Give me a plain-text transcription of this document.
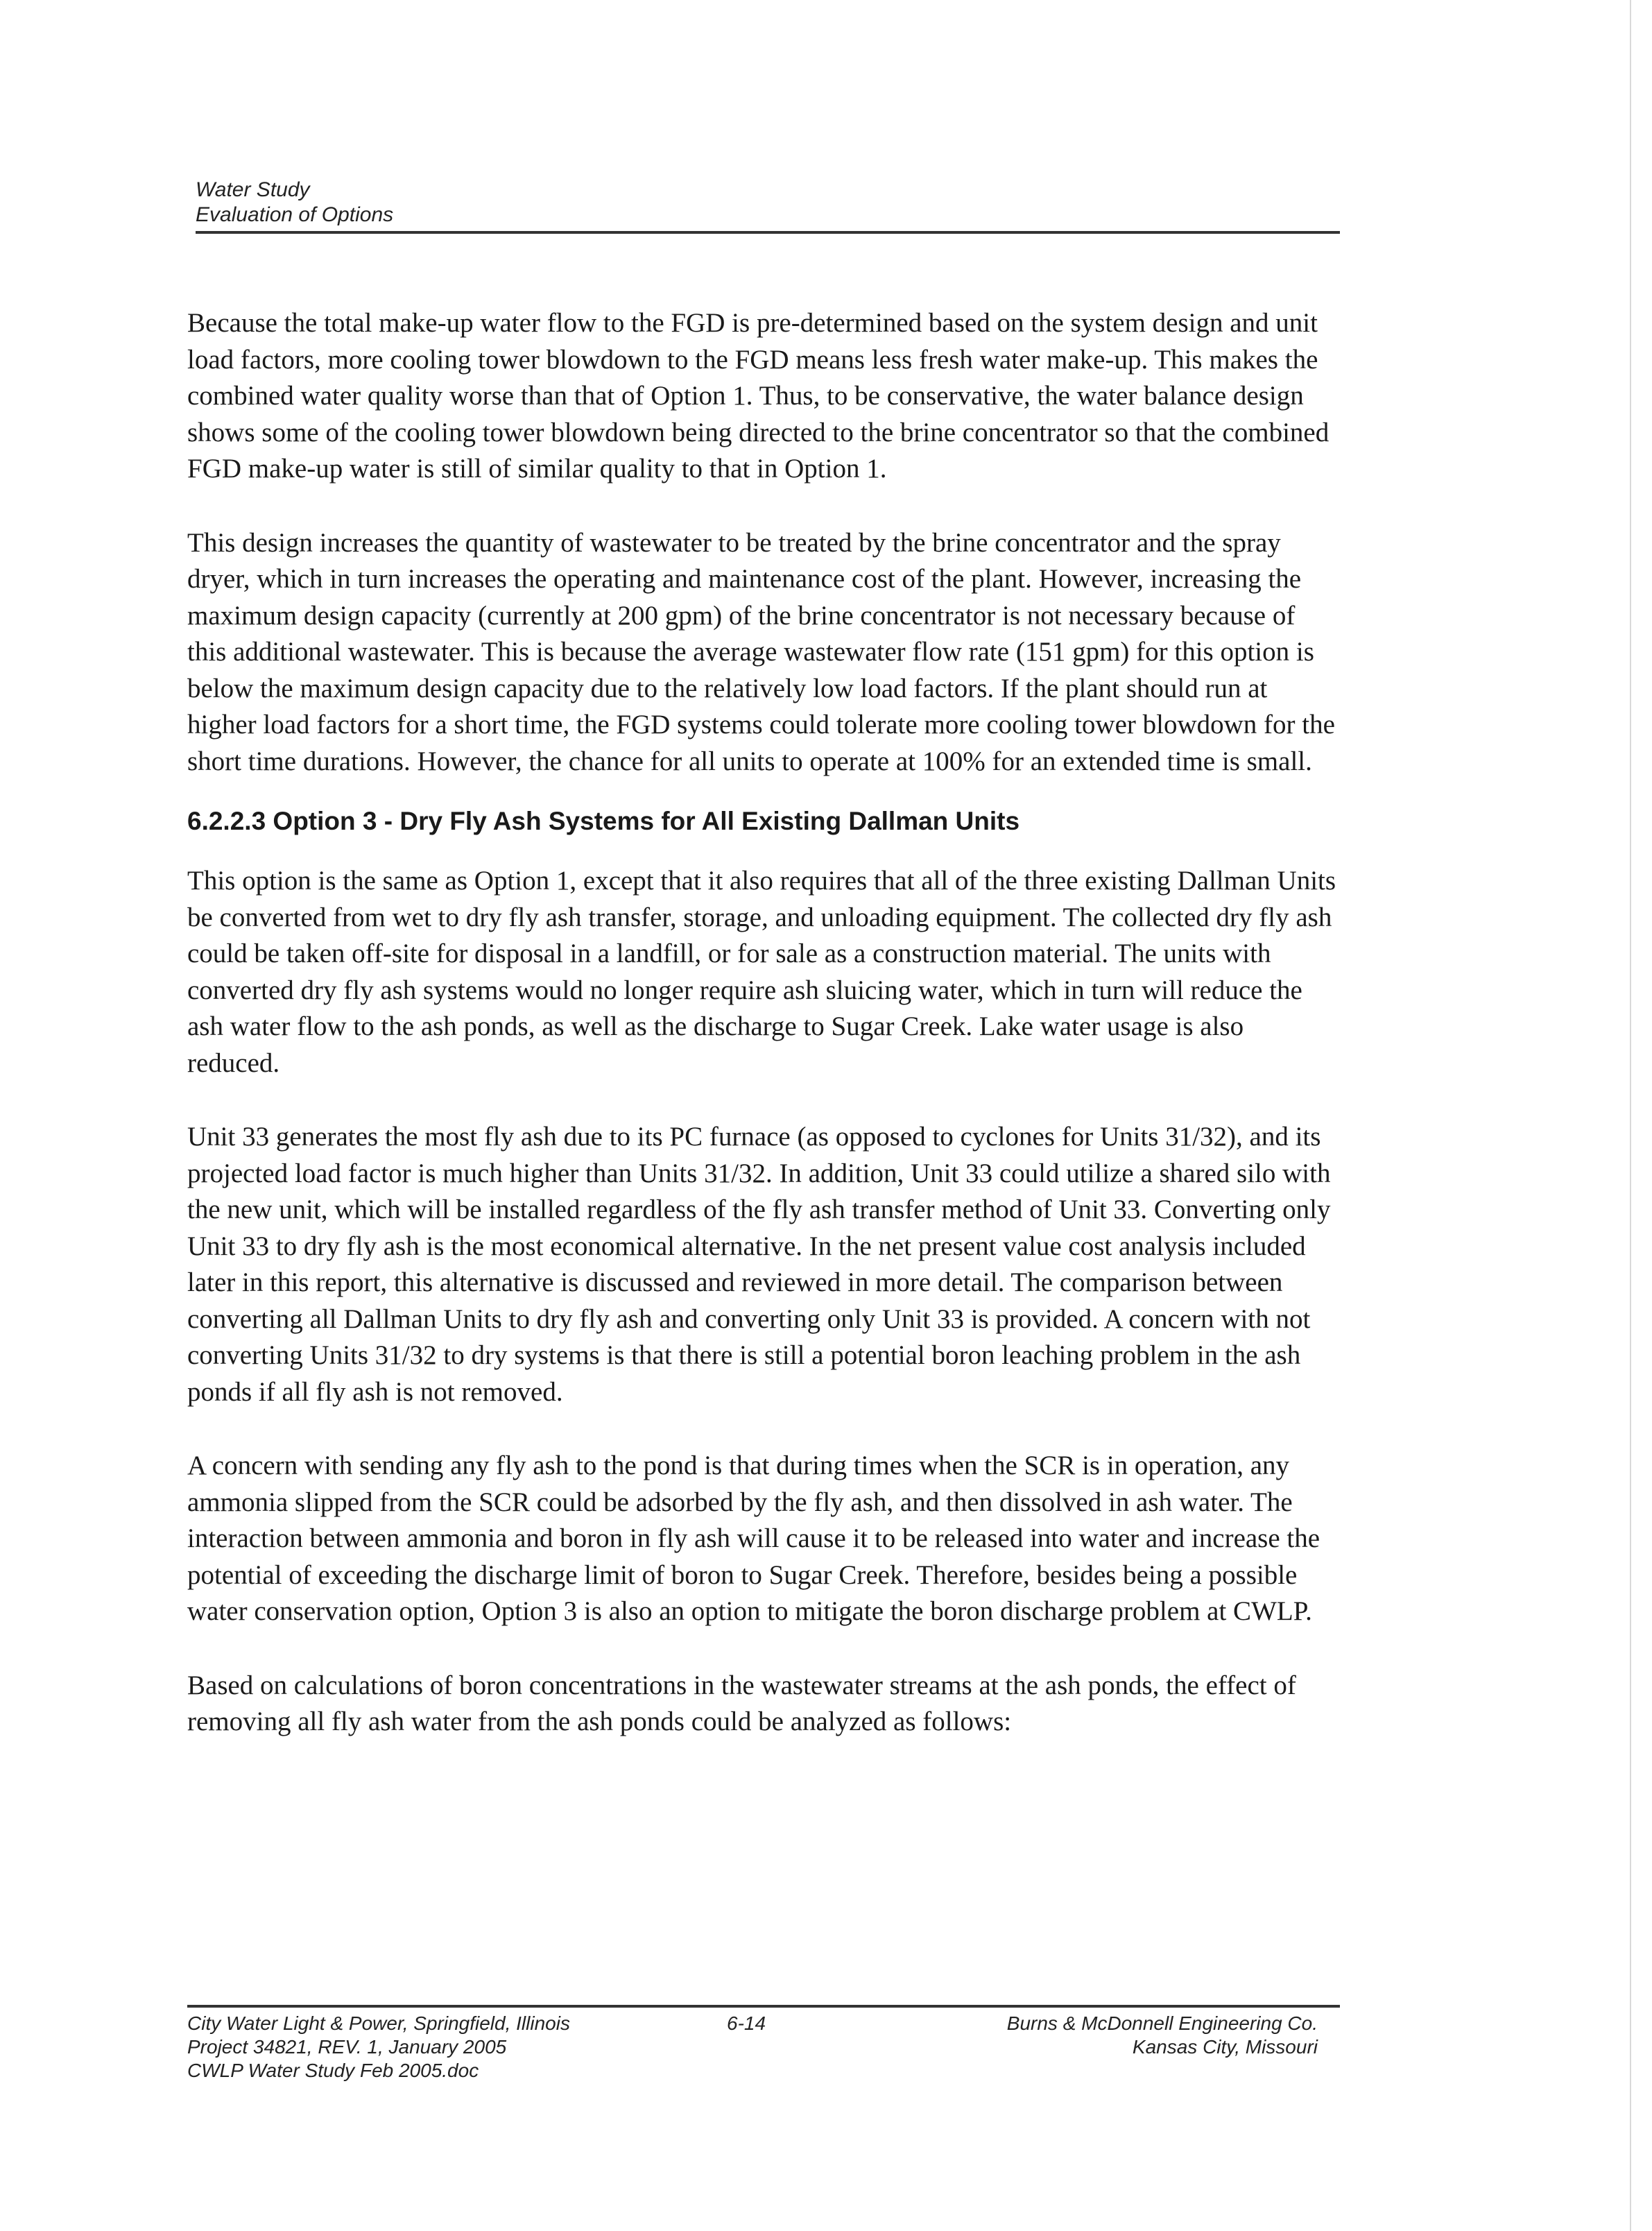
Water Study
Evaluation of Options

Because the total make-up water flow to the FGD is pre-determined based on the system design and unit load factors, more cooling tower blowdown to the FGD means less fresh water make-up. This makes the combined water quality worse than that of Option 1. Thus, to be conservative, the water balance design shows some of the cooling tower blowdown being directed to the brine concentrator so that the combined FGD make-up water is still of similar quality to that in Option 1.

This design increases the quantity of wastewater to be treated by the brine concentrator and the spray dryer, which in turn increases the operating and maintenance cost of the plant. However, increasing the maximum design capacity (currently at 200 gpm) of the brine concentrator is not necessary because of this additional wastewater. This is because the average wastewater flow rate (151 gpm) for this option is below the maximum design capacity due to the relatively low load factors. If the plant should run at higher load factors for a short time, the FGD systems could tolerate more cooling tower blowdown for the short time durations. However, the chance for all units to operate at 100% for an extended time is small.

6.2.2.3 Option 3 - Dry Fly Ash Systems for All Existing Dallman Units

This option is the same as Option 1, except that it also requires that all of the three existing Dallman Units be converted from wet to dry fly ash transfer, storage, and unloading equipment. The collected dry fly ash could be taken off-site for disposal in a landfill, or for sale as a construction material. The units with converted dry fly ash systems would no longer require ash sluicing water, which in turn will reduce the ash water flow to the ash ponds, as well as the discharge to Sugar Creek. Lake water usage is also reduced.

Unit 33 generates the most fly ash due to its PC furnace (as opposed to cyclones for Units 31/32), and its projected load factor is much higher than Units 31/32. In addition, Unit 33 could utilize a shared silo with the new unit, which will be installed regardless of the fly ash transfer method of Unit 33. Converting only Unit 33 to dry fly ash is the most economical alternative. In the net present value cost analysis included later in this report, this alternative is discussed and reviewed in more detail. The comparison between converting all Dallman Units to dry fly ash and converting only Unit 33 is provided. A concern with not converting Units 31/32 to dry systems is that there is still a potential boron leaching problem in the ash ponds if all fly ash is not removed.

A concern with sending any fly ash to the pond is that during times when the SCR is in operation, any ammonia slipped from the SCR could be adsorbed by the fly ash, and then dissolved in ash water. The interaction between ammonia and boron in fly ash will cause it to be released into water and increase the potential of exceeding the discharge limit of boron to Sugar Creek. Therefore, besides being a possible water conservation option, Option 3 is also an option to mitigate the boron discharge problem at CWLP.

Based on calculations of boron concentrations in the wastewater streams at the ash ponds, the effect of removing all fly ash water from the ash ponds could be analyzed as follows:

City Water Light & Power, Springfield, Illinois
Project 34821, REV. 1, January 2005
CWLP Water Study Feb 2005.doc
6-14	Burns & McDonnell Engineering Co.
Kansas City, Missouri
